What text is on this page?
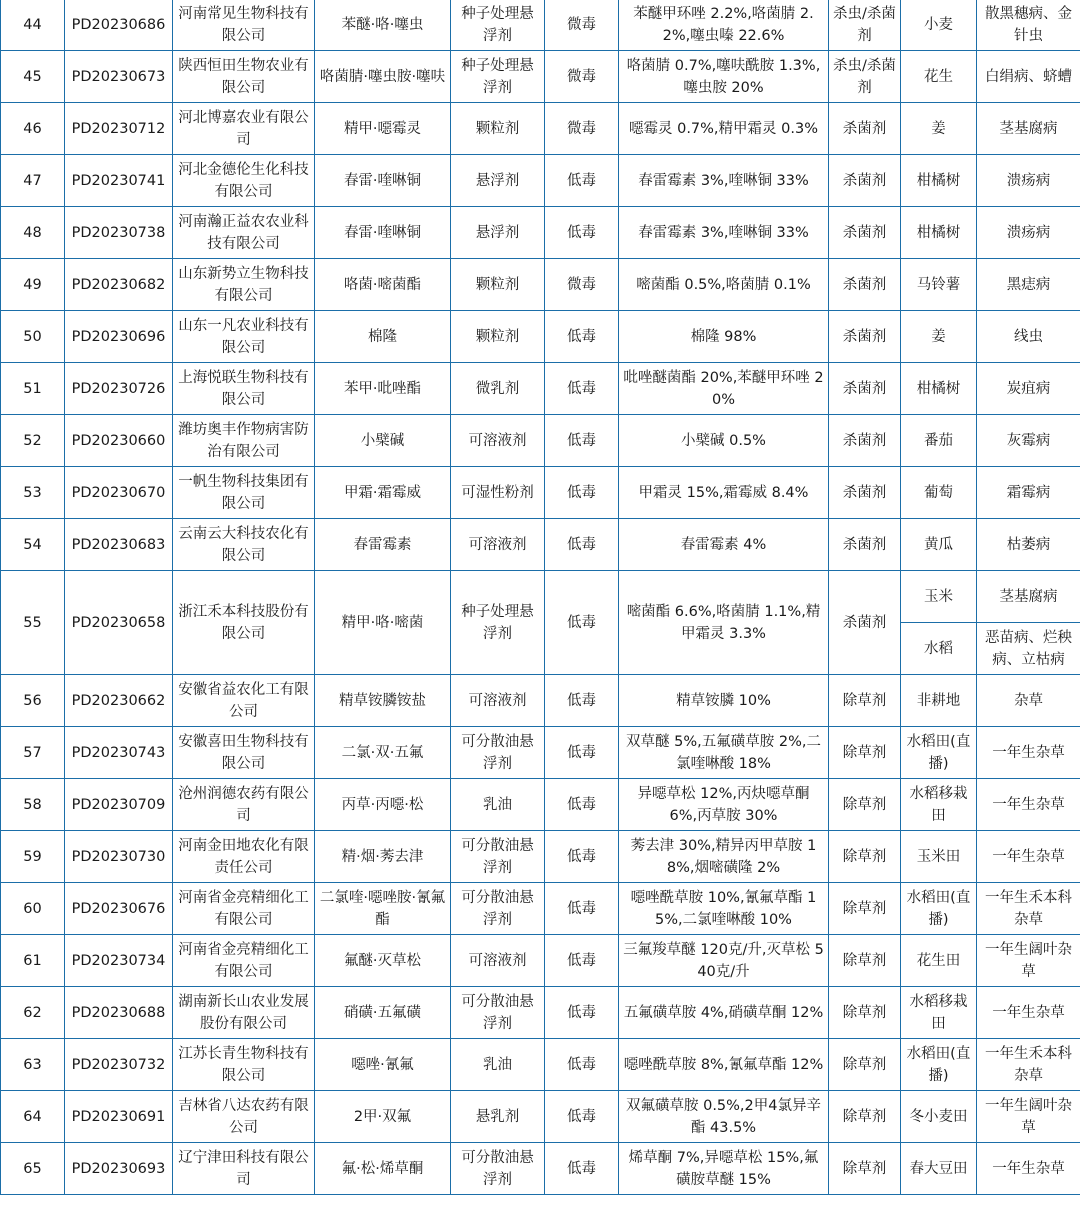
44	PD20230686	河南常见生物科技有限公司	苯醚·咯·噻虫	种子处理悬浮剂	微毒	苯醚甲环唑 2.2%,咯菌腈 2.2%,噻虫嗪 22.6%	杀虫/杀菌剂	小麦	散黑穗病、金针虫
45	PD20230673	陕西恒田生物农业有限公司	咯菌腈·噻虫胺·噻呋	种子处理悬浮剂	微毒	咯菌腈 0.7%,噻呋酰胺 1.3%,噻虫胺 20%	杀虫/杀菌剂	花生	白绢病、蛴螬
46	PD20230712	河北博嘉农业有限公司	精甲·噁霉灵	颗粒剂	微毒	噁霉灵 0.7%,精甲霜灵 0.3%	杀菌剂	姜	茎基腐病
47	PD20230741	河北金德伦生化科技有限公司	春雷·喹啉铜	悬浮剂	低毒	春雷霉素 3%,喹啉铜 33%	杀菌剂	柑橘树	溃疡病
48	PD20230738	河南瀚正益农农业科技有限公司	春雷·喹啉铜	悬浮剂	低毒	春雷霉素 3%,喹啉铜 33%	杀菌剂	柑橘树	溃疡病
49	PD20230682	山东新势立生物科技有限公司	咯菌·嘧菌酯	颗粒剂	微毒	嘧菌酯 0.5%,咯菌腈 0.1%	杀菌剂	马铃薯	黑痣病
50	PD20230696	山东一凡农业科技有限公司	棉隆	颗粒剂	低毒	棉隆 98%	杀菌剂	姜	线虫
51	PD20230726	上海悦联生物科技有限公司	苯甲·吡唑酯	微乳剂	低毒	吡唑醚菌酯 20%,苯醚甲环唑 20%	杀菌剂	柑橘树	炭疽病
52	PD20230660	潍坊奥丰作物病害防治有限公司	小檗碱	可溶液剂	低毒	小檗碱 0.5%	杀菌剂	番茄	灰霉病
53	PD20230670	一帆生物科技集团有限公司	甲霜·霜霉威	可湿性粉剂	低毒	甲霜灵 15%,霜霉威 8.4%	杀菌剂	葡萄	霜霉病
54	PD20230683	云南云大科技农化有限公司	春雷霉素	可溶液剂	低毒	春雷霉素 4%	杀菌剂	黄瓜	枯萎病
55	PD20230658	浙江禾本科技股份有限公司	精甲·咯·嘧菌	种子处理悬浮剂	低毒	嘧菌酯 6.6%,咯菌腈 1.1%,精甲霜灵 3.3%	杀菌剂	玉米	茎基腐病
								水稻	恶苗病、烂秧病、立枯病
56	PD20230662	安徽省益农化工有限公司	精草铵膦铵盐	可溶液剂	低毒	精草铵膦 10%	除草剂	非耕地	杂草
57	PD20230743	安徽喜田生物科技有限公司	二氯·双·五氟	可分散油悬浮剂	低毒	双草醚 5%,五氟磺草胺 2%,二氯喹啉酸 18%	除草剂	水稻田(直播)	一年生杂草
58	PD20230709	沧州润德农药有限公司	丙草·丙噁·松	乳油	低毒	异噁草松 12%,丙炔噁草酮 6%,丙草胺 30%	除草剂	水稻移栽田	一年生杂草
59	PD20230730	河南金田地农化有限责任公司	精·烟·莠去津	可分散油悬浮剂	低毒	莠去津 30%,精异丙甲草胺 18%,烟嘧磺隆 2%	除草剂	玉米田	一年生杂草
60	PD20230676	河南省金亮精细化工有限公司	二氯喹·噁唑胺·氰氟酯	可分散油悬浮剂	低毒	噁唑酰草胺 10%,氰氟草酯 15%,二氯喹啉酸 10%	除草剂	水稻田(直播)	一年生禾本科杂草
61	PD20230734	河南省金亮精细化工有限公司	氟醚·灭草松	可溶液剂	低毒	三氟羧草醚 120克/升,灭草松 540克/升	除草剂	花生田	一年生阔叶杂草
62	PD20230688	湖南新长山农业发展股份有限公司	硝磺·五氟磺	可分散油悬浮剂	低毒	五氟磺草胺 4%,硝磺草酮 12%	除草剂	水稻移栽田	一年生杂草
63	PD20230732	江苏长青生物科技有限公司	噁唑·氰氟	乳油	低毒	噁唑酰草胺 8%,氰氟草酯 12%	除草剂	水稻田(直播)	一年生禾本科杂草
64	PD20230691	吉林省八达农药有限公司	2甲·双氟	悬乳剂	低毒	双氟磺草胺 0.5%,2甲4氯异辛酯 43.5%	除草剂	冬小麦田	一年生阔叶杂草
65	PD20230693	辽宁津田科技有限公司	氟·松·烯草酮	可分散油悬浮剂	低毒	烯草酮 7%,异噁草松 15%,氟磺胺草醚 15%	除草剂	春大豆田	一年生杂草
